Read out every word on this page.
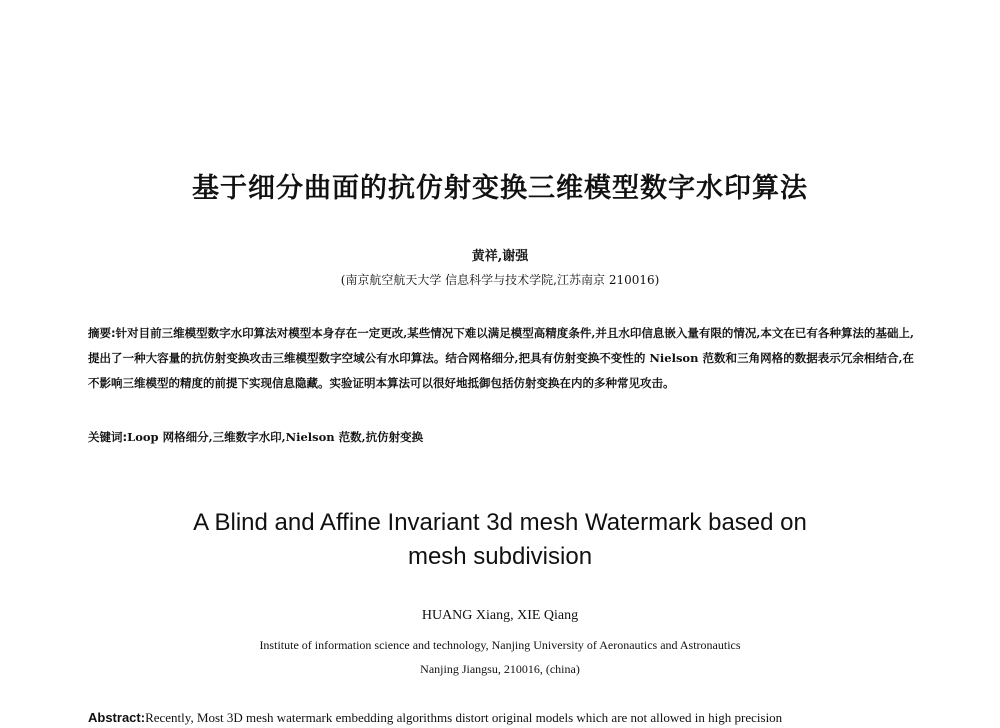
基于细分曲面的抗仿射变换三维模型数字水印算法
黄祥,谢强
(南京航空航天大学 信息科学与技术学院,江苏南京 210016)
摘要:针对目前三维模型数字水印算法对模型本身存在一定更改,某些情况下难以满足模型高精度条件,并且水印信息嵌入量有限的情况,本文在已有各种算法的基础上,提出了一种大容量的抗仿射变换攻击三维模型数字空域公有水印算法。结合网格细分,把具有仿射变换不变性的 Nielson 范数和三角网格的数据表示冗余相结合,在不影响三维模型的精度的前提下实现信息隐藏。实验证明本算法可以很好地抵御包括仿射变换在内的多种常见攻击。
关键词:Loop 网格细分,三维数字水印,Nielson 范数,抗仿射变换
A Blind and Affine Invariant 3d mesh Watermark based on
mesh subdivision
HUANG Xiang, XIE Qiang
Institute of information science and technology, Nanjing University of Aeronautics and Astronautics
Nanjing Jiangsu, 210016, (china)
Abstract:Recently, Most 3D mesh watermark embedding algorithms distort original models which are not allowed in high precision
